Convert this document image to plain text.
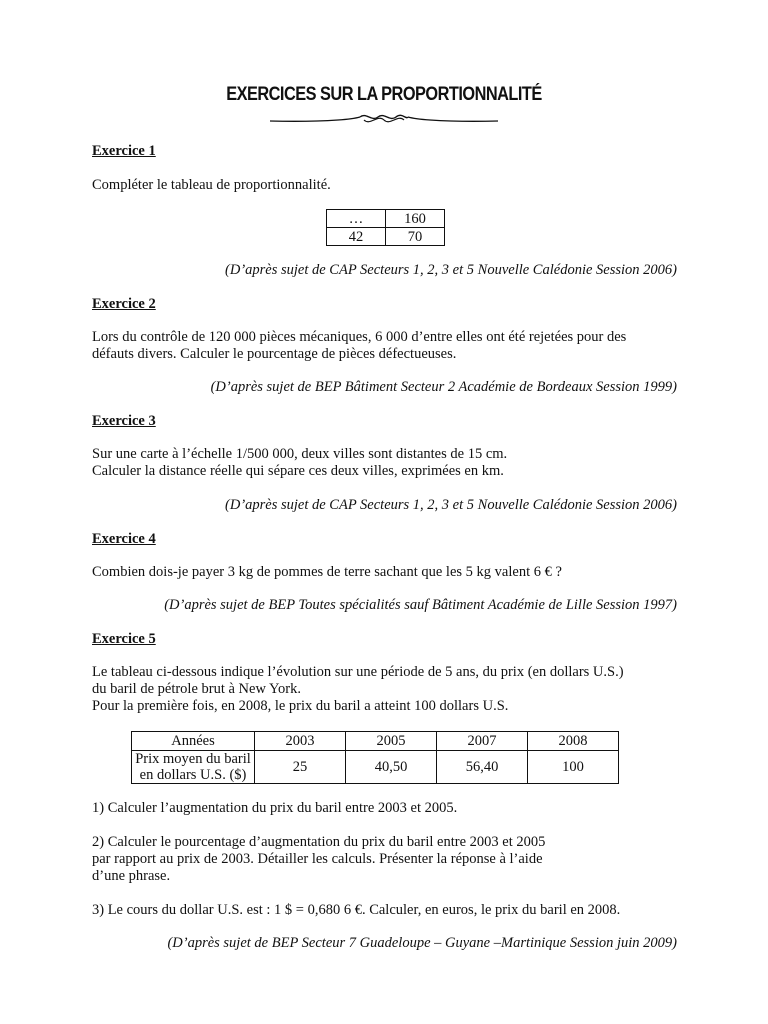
EXERCICES SUR LA PROPORTIONNALITÉ
Exercice 1
Compléter le tableau de proportionnalité.
…	160
42	70
(D’après sujet de CAP Secteurs 1, 2, 3 et 5 Nouvelle Calédonie Session 2006)
Exercice 2
Lors du contrôle de 120 000 pièces mécaniques, 6 000 d’entre elles ont été rejetées pour des
défauts divers. Calculer le pourcentage de pièces défectueuses.
(D’après sujet de BEP Bâtiment Secteur 2 Académie de Bordeaux Session 1999)
Exercice 3
Sur une carte à l’échelle 1/500 000, deux villes sont distantes de 15 cm.
Calculer la distance réelle qui sépare ces deux villes, exprimées en km.
(D’après sujet de CAP Secteurs 1, 2, 3 et 5 Nouvelle Calédonie Session 2006)
Exercice 4
Combien dois-je payer 3 kg de pommes de terre sachant que les 5 kg valent 6 € ?
(D’après sujet de BEP Toutes spécialités sauf Bâtiment Académie de Lille Session 1997)
Exercice 5
Le tableau ci-dessous indique l’évolution sur une période de 5 ans, du prix (en dollars U.S.)
du baril de pétrole brut à New York.
Pour la première fois, en 2008, le prix du baril a atteint 100 dollars U.S.
Années	2003	2005	2007	2008

Prix moyen du baril
en dollars U.S. ($)	25	40,50	56,40	100
1) Calculer l’augmentation du prix du baril entre 2003 et 2005.
2) Calculer le pourcentage d’augmentation du prix du baril entre 2003 et 2005
par rapport au prix de 2003. Détailler les calculs. Présenter la réponse à l’aide
d’une phrase.
3) Le cours du dollar U.S. est : 1 $ = 0,680 6 €. Calculer, en euros, le prix du baril en 2008.
(D’après sujet de BEP Secteur 7 Guadeloupe – Guyane –Martinique Session juin 2009)
